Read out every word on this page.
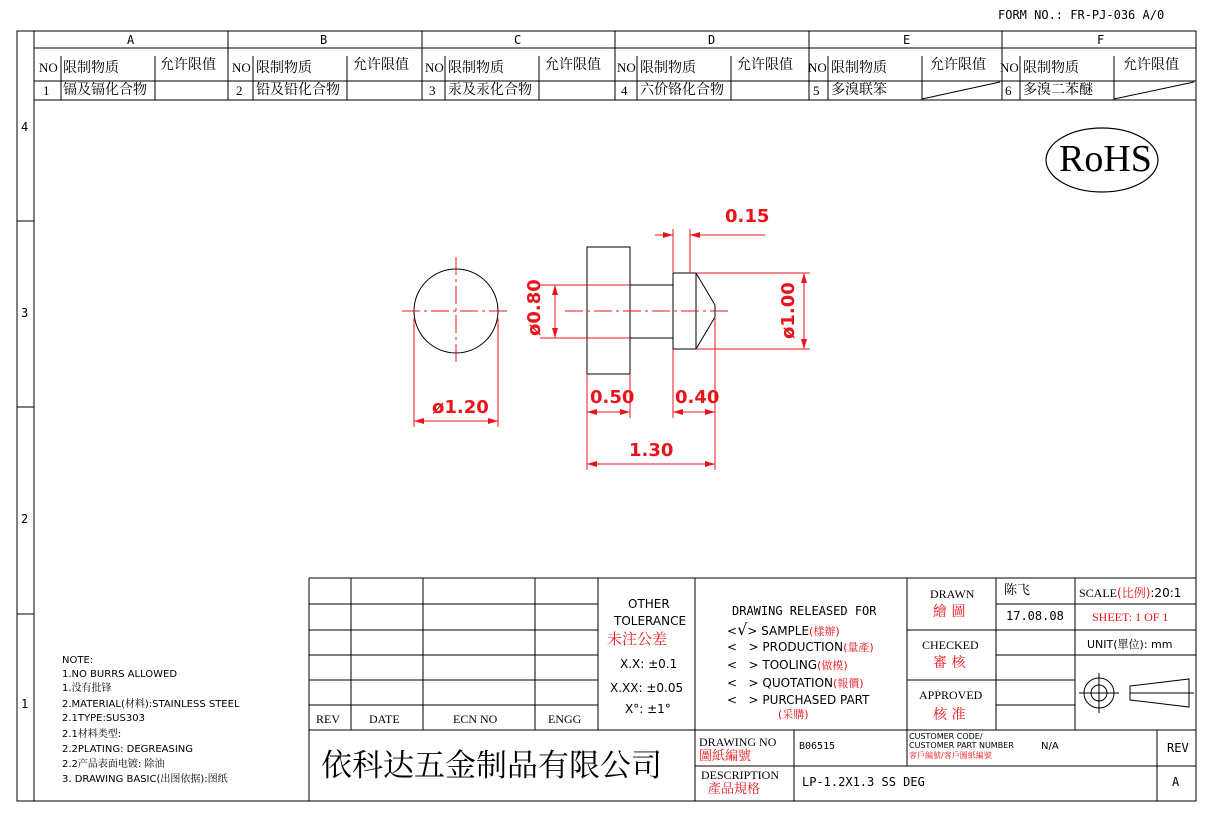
FORM NO.: FR-PJ-036 A/0
A	B	C	D	E	F
4
3
2
1
NO 限制物质	允许限值 NO 限制物质	允许限值 NO 限制物质	允许限值 NO 限制物质	允许限值 NO 限制物质	允许限值 NO 限制物质	允许限值
1 镉及镉化合物	2 铅及铅化合物	3 汞及汞化合物	4 六价铬化合物	5 多溴联笨	6 多溴二苯醚
RoHS
ø1.20
0.15
0.50 0.40
1.30
ø0.80	ø1.00
NOTE:
1.NO BURRS ALLOWED
1.没有批锋
2.MATERIAL(材料):STAINLESS STEEL
2.1TYPE:SUS303
2.1材料类型:
2.2PLATING: DEGREASING
2.2产品表面电镀: 除油
3. DRAWING BASIC(出图依据):图纸
REV DATE	ECN NO	ENGG
OTHER
TOLERANCE
未注公差
X.X: ±0.1
X.XX: ±0.05
X°: ±1°
DRAWING RELEASED FOR
<√> SAMPLE(樣辦)
<   > PRODUCTION(量產)
<   > TOOLING(做模)
<   > QUOTATION(報價)
<   > PURCHASED PART
(采購)
DRAWN
繪 圖
陈飞
17.08.08
CHECKED
審 核
APPROVED
核 准
SCALE(比例):20:1
SHEET: 1 OF 1
UNIT(單位): mm
依科达五金制品有限公司
DRAWING NO
圖紙編號
B06515
CUSTOMER CODE/
CUSTOMER PART NUMBER
客戶編號/客戶圖紙編號
N/A
DESCRIPTION
產品規格	LP-1.2X1.3 SS DEG
REV
A
